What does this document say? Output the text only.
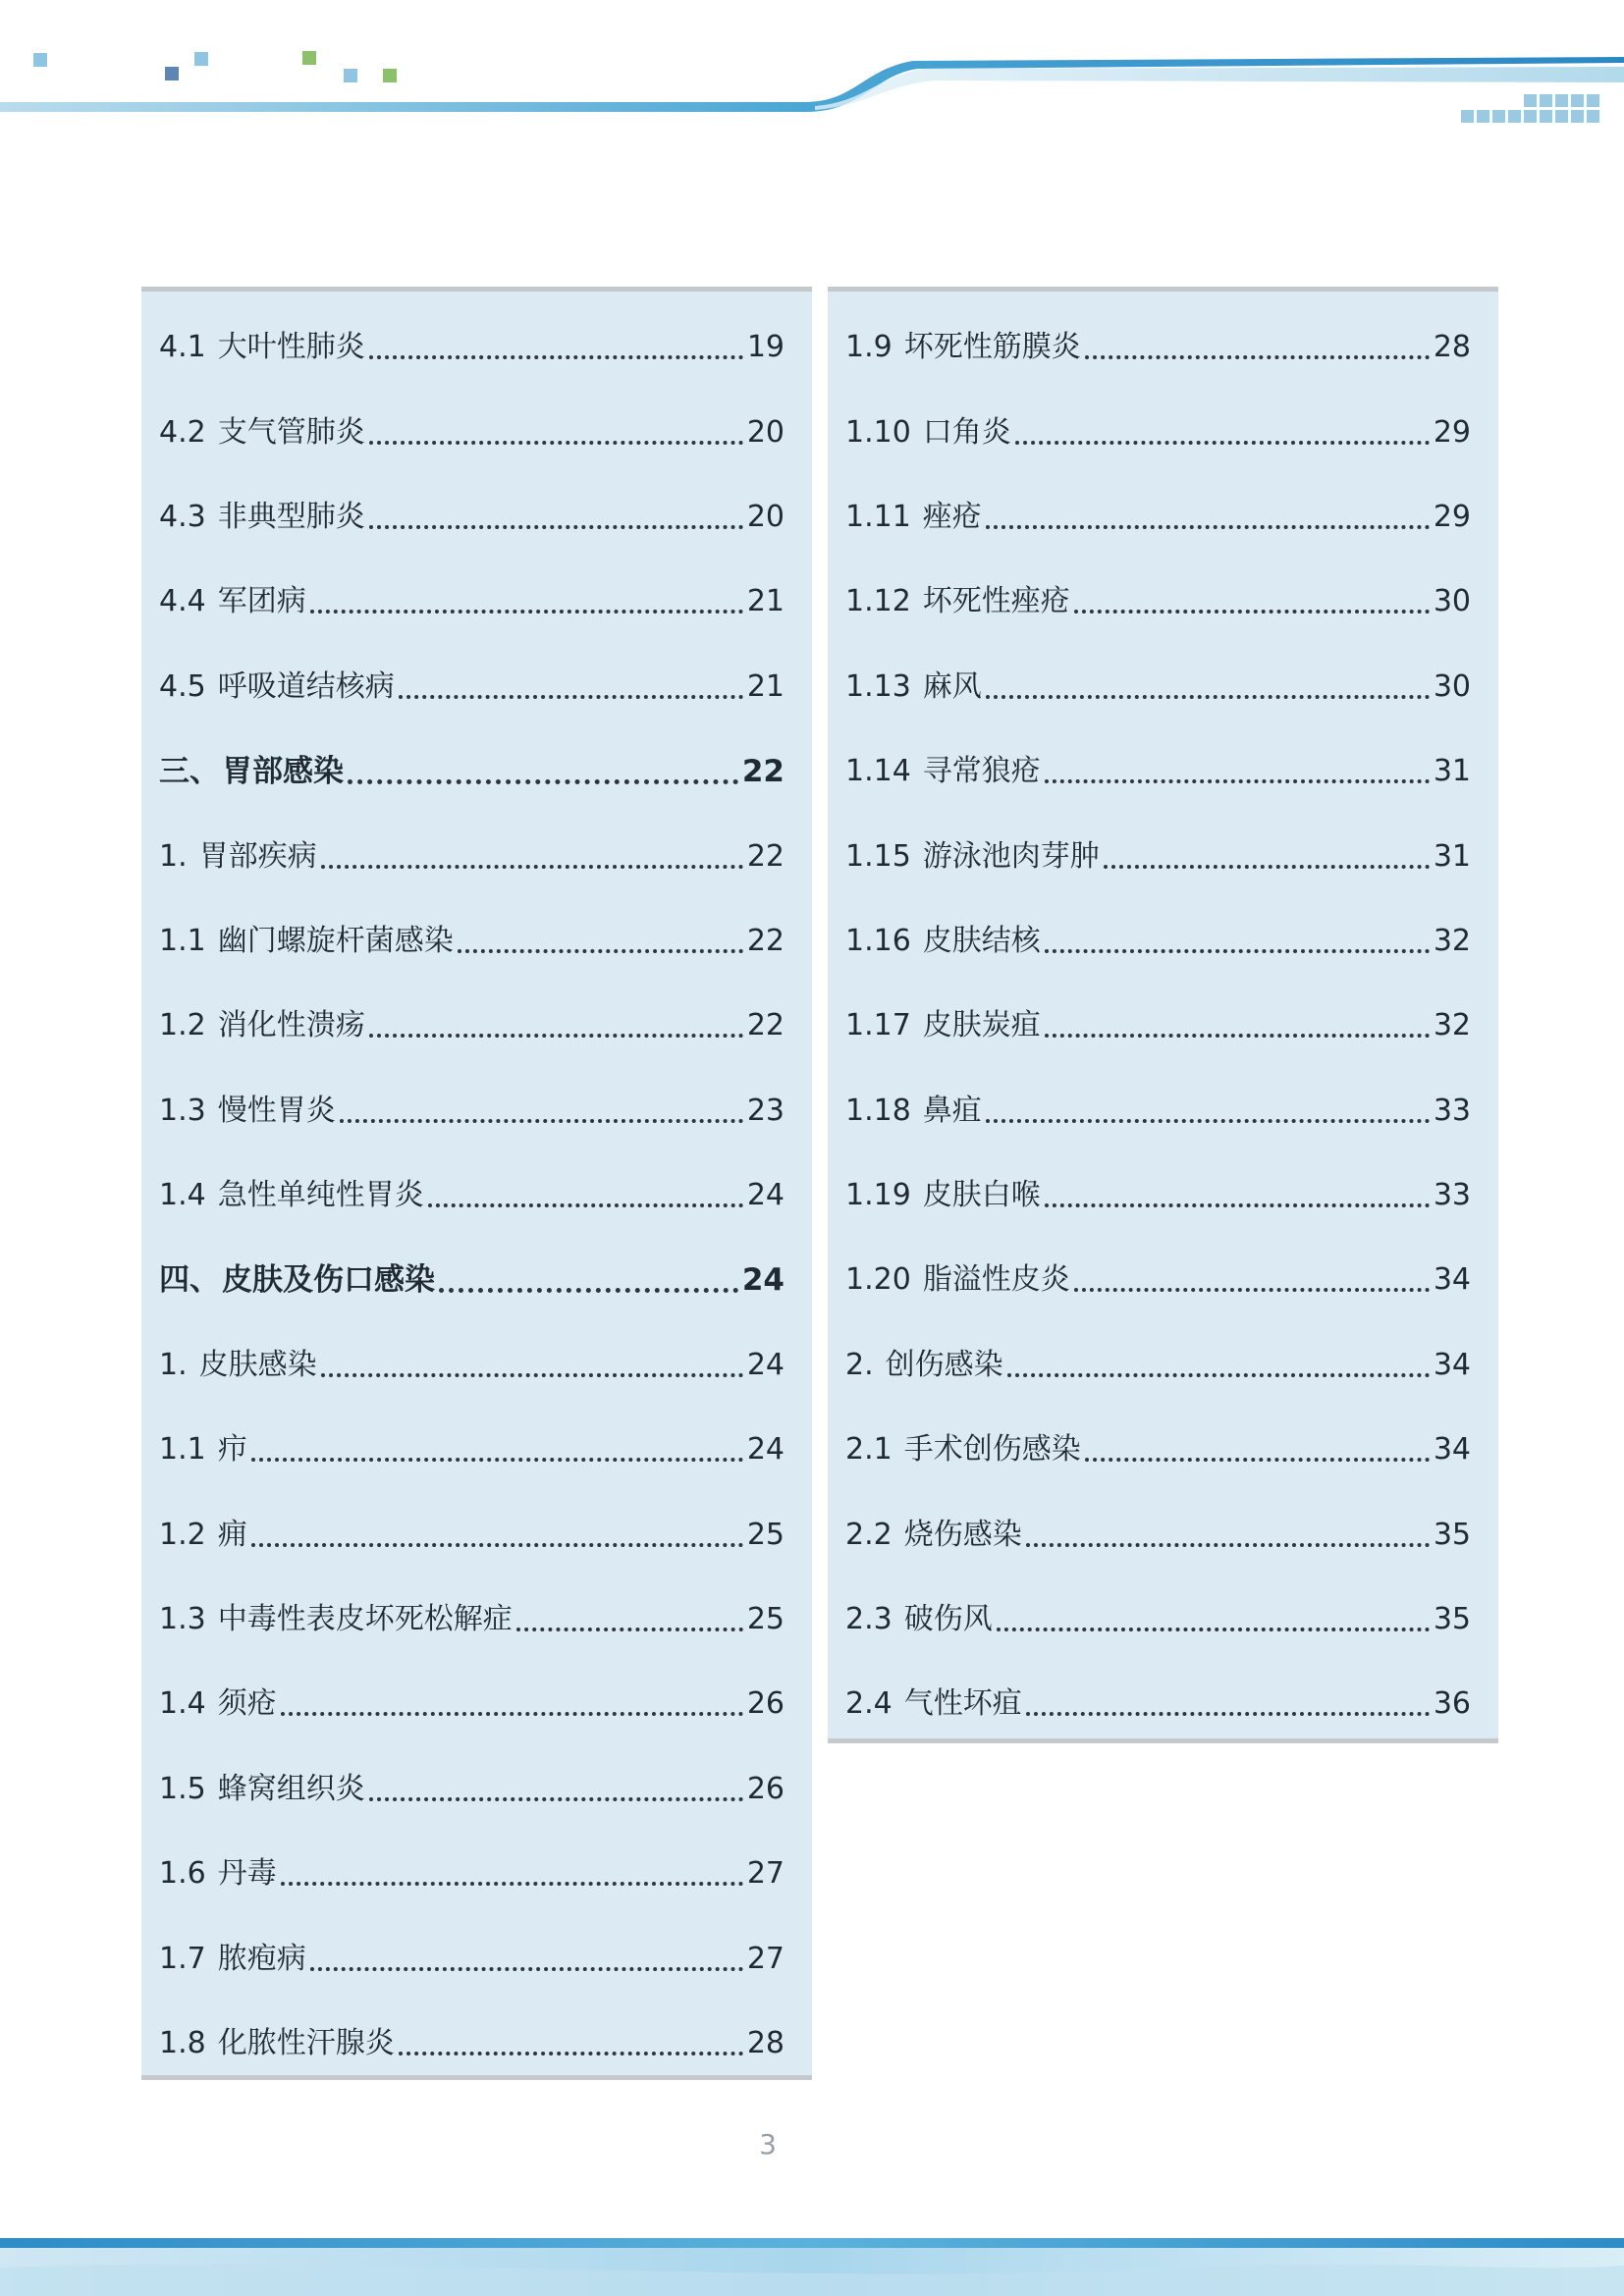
4.1 大叶性肺炎	19
4.2 支气管肺炎	20
4.3 非典型肺炎	20
4.4 军团病	21
4.5 呼吸道结核病	21
三、 胃部感染	22
1. 胃部疾病	22
1.1 幽门螺旋杆菌感染	22
1.2 消化性溃疡	22
1.3 慢性胃炎	23
1.4 急性单纯性胃炎	24
四、 皮肤及伤口感染	24
1. 皮肤感染	24
1.1 疖	24
1.2 痈	25
1.3 中毒性表皮坏死松解症	25
1.4 须疮	26
1.5 蜂窝组织炎	26
1.6 丹毒	27
1.7 脓疱病	27
1.8 化脓性汗腺炎	28
1.9 坏死性筋膜炎	28
1.10 口角炎	29
1.11 痤疮	29
1.12 坏死性痤疮	30
1.13 麻风	30
1.14 寻常狼疮	31
1.15 游泳池肉芽肿	31
1.16 皮肤结核	32
1.17 皮肤炭疽	32
1.18 鼻疽	33
1.19 皮肤白喉	33
1.20 脂溢性皮炎	34
2. 创伤感染	34
2.1 手术创伤感染	34
2.2 烧伤感染	35
2.3 破伤风	35
2.4 气性坏疽	36
3
